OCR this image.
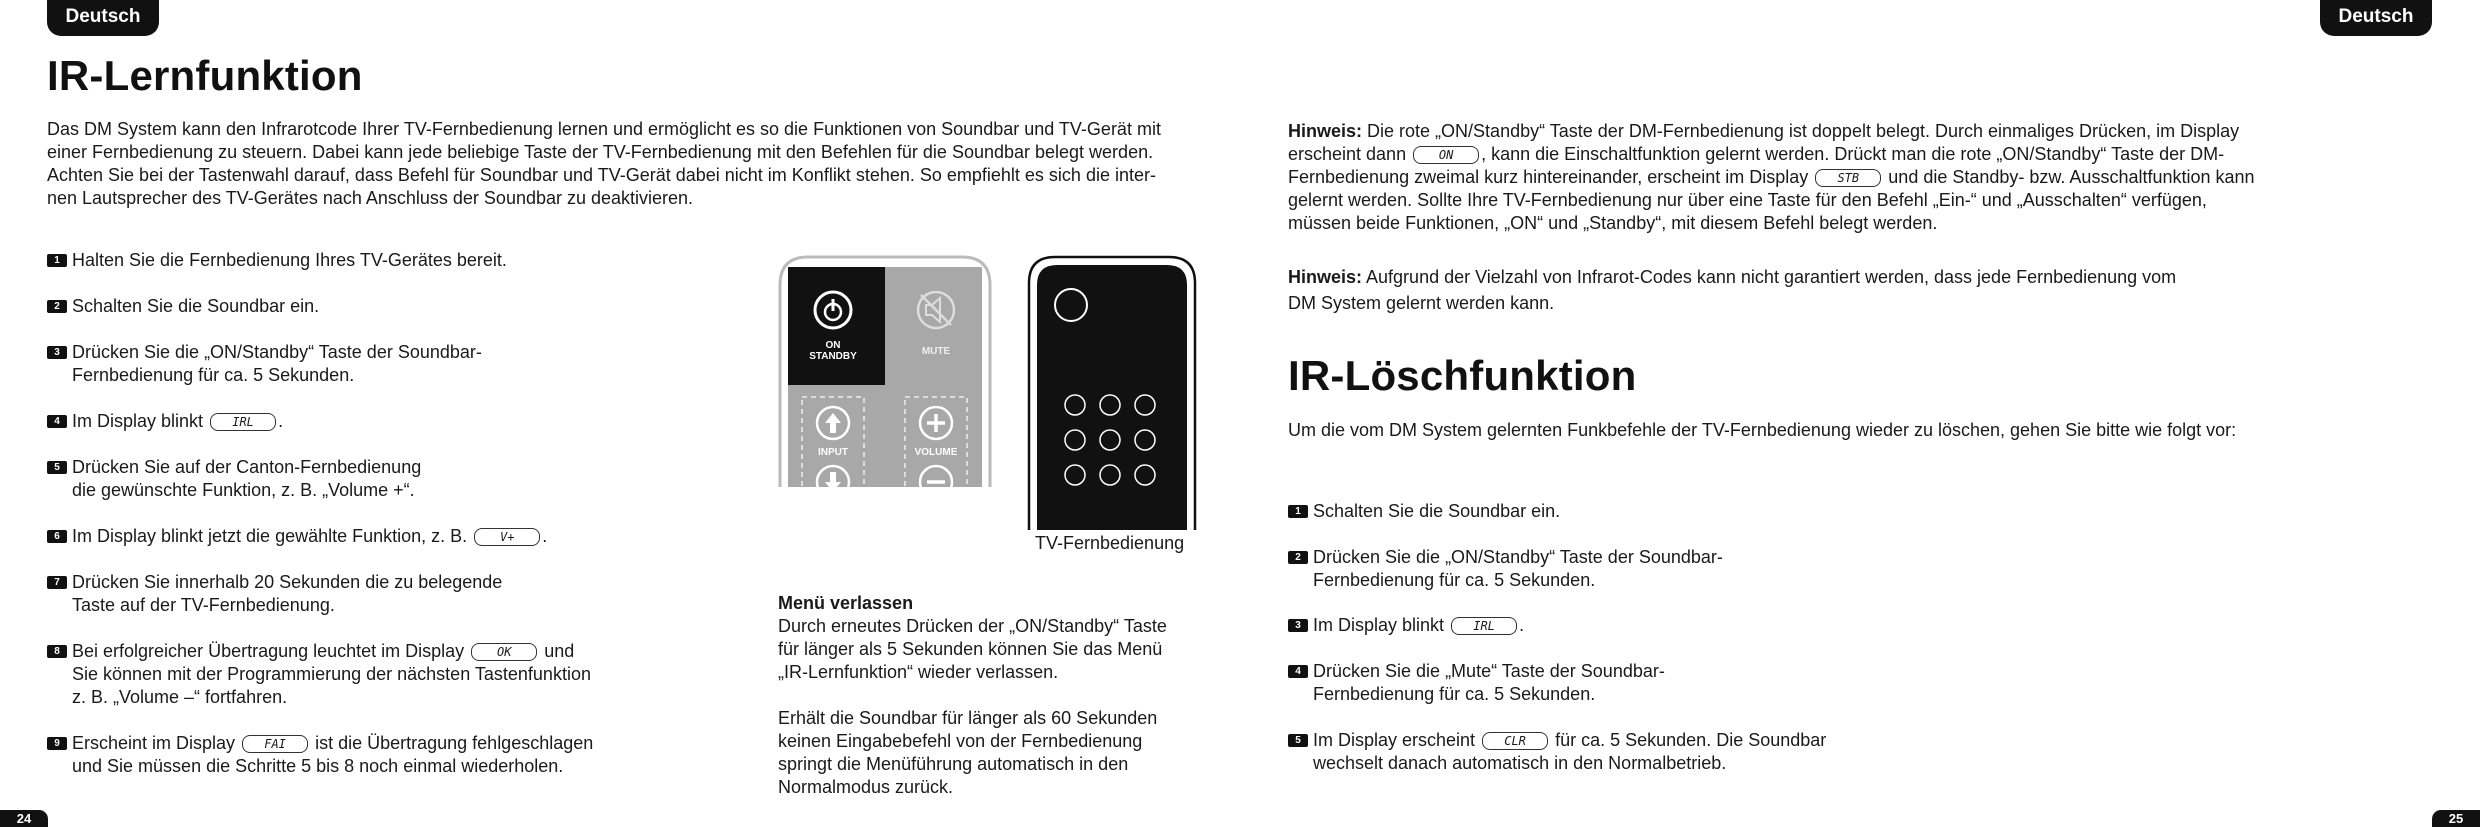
Deutsch	Deutsch
IR-Lernfunktion
Das DM System kann den Infrarotcode Ihrer TV-Fernbedienung lernen und ermöglicht es so die Funktionen von Soundbar und TV-Gerät mit
einer Fernbedienung zu steuern. Dabei kann jede beliebige Taste der TV-Fernbedienung mit den Befehlen für die Soundbar belegt werden.
Achten Sie bei der Tastenwahl darauf, dass Befehl für Soundbar und TV-Gerät dabei nicht im Konflikt stehen. So empfiehlt es sich die inter-
nen Lautsprecher des TV-Gerätes nach Anschluss der Soundbar zu deaktivieren.
1 Halten Sie die Fernbedienung Ihres TV-Gerätes bereit.
2 Schalten Sie die Soundbar ein.
3 Drücken Sie die „ON/Standby“ Taste der Soundbar-
Fernbedienung für ca. 5 Sekunden.
4 Im Display blinkt IRL .
5 Drücken Sie auf der Canton-Fernbedienung
die gewünschte Funktion, z. B. „Volume +“.
6 Im Display blinkt jetzt die gewählte Funktion, z. B.	V+ .
7 Drücken Sie innerhalb 20 Sekunden die zu belegende
Taste auf der TV-Fernbedienung.
8 Bei erfolgreicher Übertragung leuchtet im Display	OK und
Sie können mit der Programmierung der nächsten Tastenfunktion
z. B. „Volume –“ fortfahren.
9 Erscheint im Display FAI ist die Übertragung fehlgeschlagen
und Sie müssen die Schritte 5 bis 8 noch einmal wiederholen.
ON
STANDBY	MUTE
INPUT	VOLUME
TV-Fernbedienung
Menü verlassen
Durch erneutes Drücken der „ON/Standby“ Taste
für länger als 5 Sekunden können Sie das Menü
„IR-Lernfunktion“ wieder verlassen.
Erhält die Soundbar für länger als 60 Sekunden
keinen Eingabebefehl von der Fernbedienung
springt die Menüführung automatisch in den
Normalmodus zurück.
24
Hinweis: Die rote „ON/Standby“ Taste der DM-Fernbedienung ist doppelt belegt. Durch einmaliges Drücken, im Display
erscheint dann	ON , kann die Einschaltfunktion gelernt werden. Drückt man die rote „ON/Standby“ Taste der DM-
Fernbedienung zweimal kurz hintereinander, erscheint im Display STB und die Standby- bzw. Ausschaltfunktion kann
gelernt werden. Sollte Ihre TV-Fernbedienung nur über eine Taste für den Befehl „Ein-“ und „Ausschalten“ verfügen,
müssen beide Funktionen, „ON“ und „Standby“, mit diesem Befehl belegt werden.
Hinweis: Aufgrund der Vielzahl von Infrarot-Codes kann nicht garantiert werden, dass jede Fernbedienung vom
DM System gelernt werden kann.
IR-Löschfunktion
Um die vom DM System gelernten Funkbefehle der TV-Fernbedienung wieder zu löschen, gehen Sie bitte wie folgt vor:
1 Schalten Sie die Soundbar ein.
2 Drücken Sie die „ON/Standby“ Taste der Soundbar-
Fernbedienung für ca. 5 Sekunden.
3 Im Display blinkt IRL .
4 Drücken Sie die „Mute“ Taste der Soundbar-
Fernbedienung für ca. 5 Sekunden.
5 Im Display erscheint CLR für ca. 5 Sekunden. Die Soundbar
wechselt danach automatisch in den Normalbetrieb.
25
